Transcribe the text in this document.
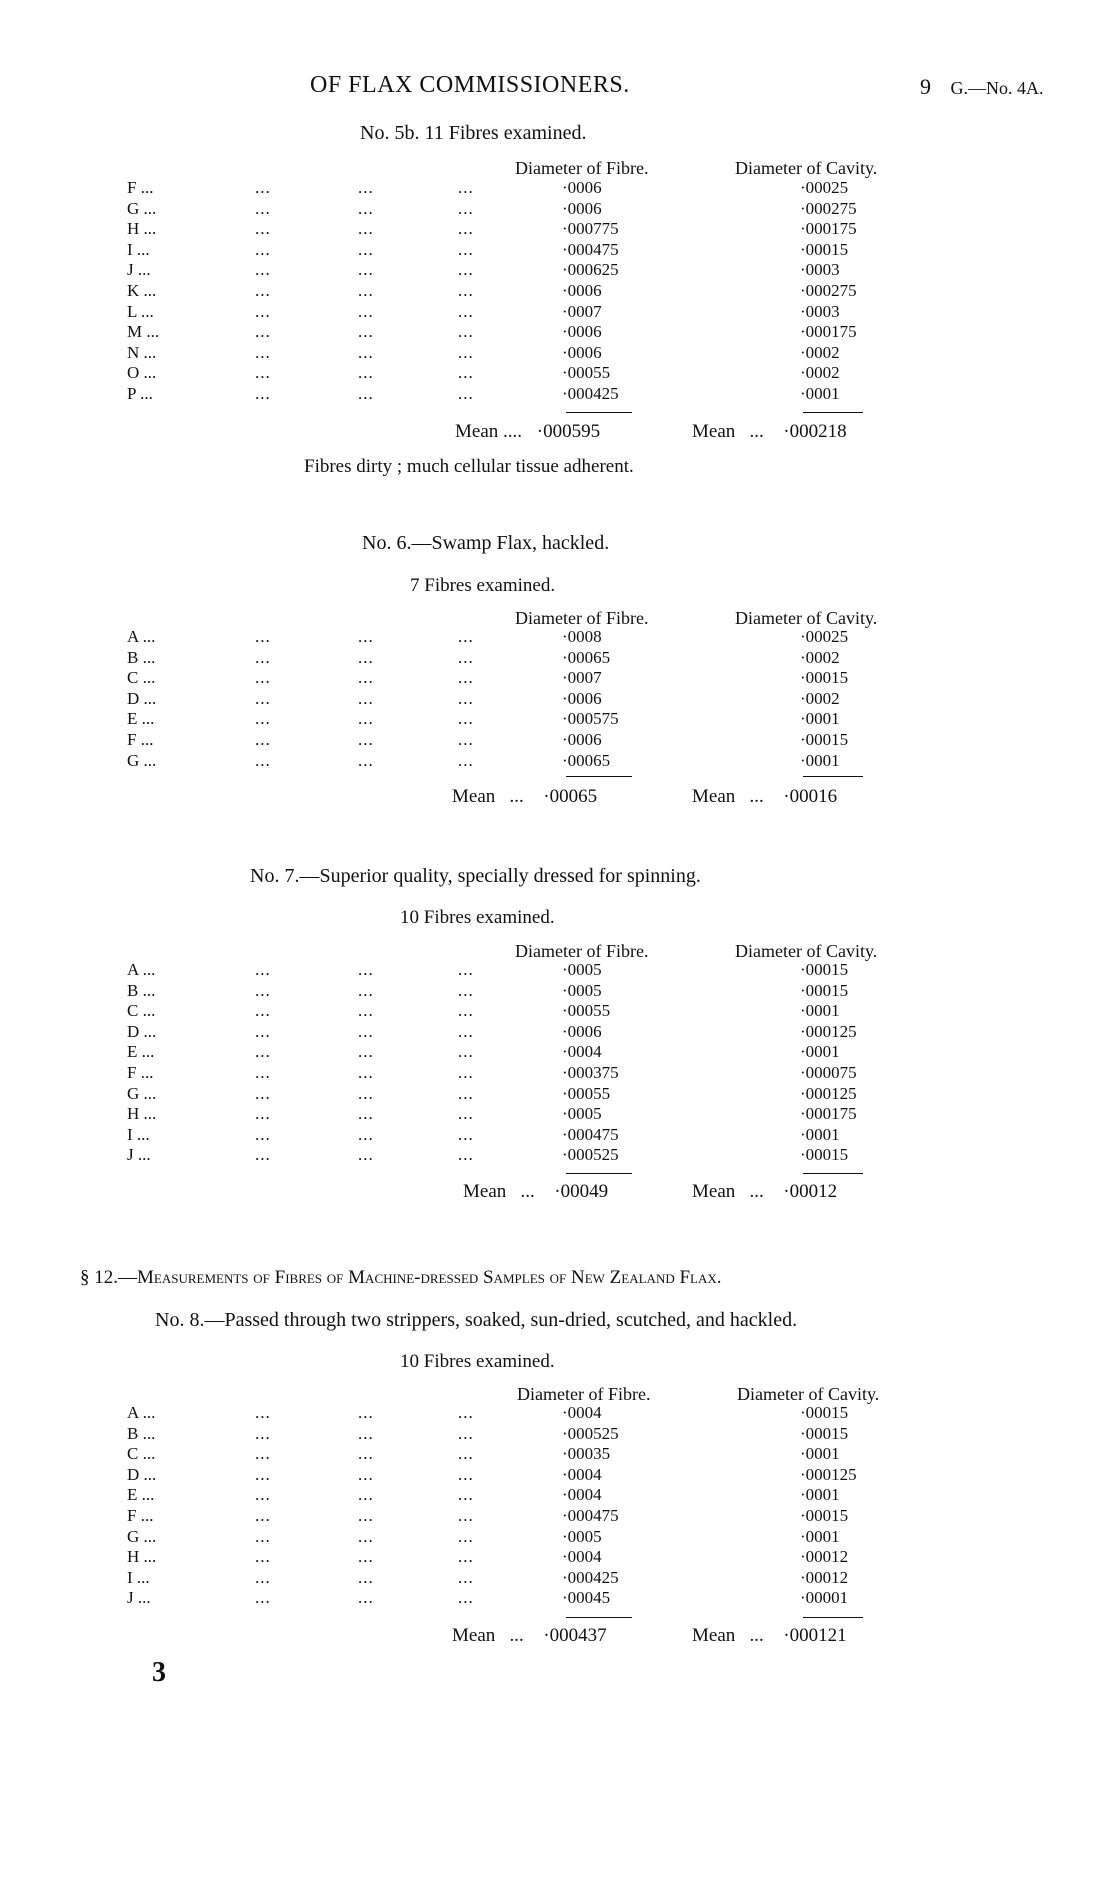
OF FLAX COMMISSIONERS.	9 G.—No. 4A.
No. 5b. 11 Fibres examined.
Diameter of Fibre.	Diameter of Cavity.
F ...	...	...	...	·0006	·00025
G ...	...	...	...	·0006	·000275
H ...	...	...	...	·000775	·000175
I ...	...	...	...	·000475	·00015
J ...	...	...	...	·000625	·0003
K ...	...	...	...	·0006	·000275
L ...	...	...	...	·0007	·0003
M ...	...	...	...	·0006	·000175
N ...	...	...	...	·0006	·0002
O ...	...	...	...	·00055	·0002
P ...	...	...	...	·000425	·0001
Mean .... ·000595	Mean   ...  ·000218
Fibres dirty ; much cellular tissue adherent.
No. 6.—Swamp Flax, hackled.
7 Fibres examined.
Diameter of Fibre.	Diameter of Cavity.
A ...	...	...	...	·0008	·00025
B ...	...	...	...	·00065	·0002
C ...	...	...	...	·0007	·00015
D ...	...	...	...	·0006	·0002
E ...	...	...	...	·000575	·0001
F ...	...	...	...	·0006	·00015
G ...	...	...	...	·00065	·0001
Mean   ...  ·00065	Mean   ...  ·00016
No. 7.—Superior quality, specially dressed for spinning.
10 Fibres examined.
Diameter of Fibre.	Diameter of Cavity.
A ...	...	...	...	·0005	·00015
B ...	...	...	...	·0005	·00015
C ...	...	...	...	·00055	·0001
D ...	...	...	...	·0006	·000125
E ...	...	...	...	·0004	·0001
F ...	...	...	...	·000375	·000075
G ...	...	...	...	·00055	·000125
H ...	...	...	...	·0005	·000175
I ...	...	...	...	·000475	·0001
J ...	...	...	...	·000525	·00015
Mean   ...  ·00049	Mean   ...  ·00012
§ 12.—Measurements of Fibres of Machine-dressed Samples of New Zealand Flax.
No. 8.—Passed through two strippers, soaked, sun-dried, scutched, and hackled.
10 Fibres examined.
Diameter of Fibre.	Diameter of Cavity.
A ...	...	...	...	·0004	·00015
B ...	...	...	...	·000525	·00015
C ...	...	...	...	·00035	·0001
D ...	...	...	...	·0004	·000125
E ...	...	...	...	·0004	·0001
F ...	...	...	...	·000475	·00015
G ...	...	...	...	·0005	·0001
H ...	...	...	...	·0004	·00012
I ...	...	...	...	·000425	·00012
J ...	...	...	...	·00045	·00001
Mean   ...  ·000437	Mean   ...  ·000121
3
